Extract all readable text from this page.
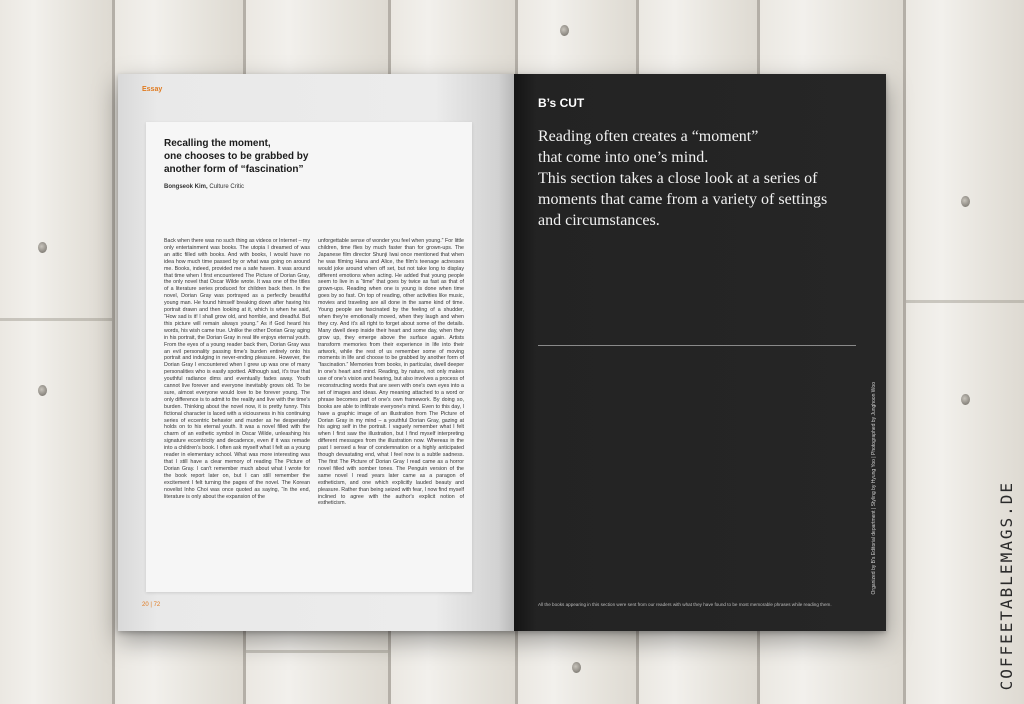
COFFEETABLEMAGS.DE
Essay
Recalling the moment,
one chooses to be grabbed by
another form of “fascination”
Bongseok Kim, Culture Critic
Back when there was no such thing as videos or Internet – my only entertainment was books. The utopia I dreamed of was an attic filled with books. And with books, I would have no idea how much time passed by or what was going on around me. Books, indeed, provided me a safe haven. It was around that time when I first encountered The Picture of Dorian Gray, the only novel that Oscar Wilde wrote. It was one of the titles of a literature series produced for children back then. In the novel, Dorian Gray was portrayed as a perfectly beautiful young man. He found himself breaking down after having his portrait drawn and then looking at it, which is when he said, “How sad is it! I shall grow old, and horrible, and dreadful. But this picture will remain always young.” As if God heard his words, his wish came true. Unlike the other Dorian Gray aging in his portrait, the Dorian Gray in real life enjoys eternal youth. From the eyes of a young reader back then, Dorian Gray was an evil personality passing time's burden entirely onto his portrait and indulging in never-ending pleasure. However, the Dorian Gray I encountered when I grew up was one of many personalities who is easily spotted. Although sad, it's true that youthful radiance dims and eventually fades away. Youth cannot live forever and everyone inevitably grows old. To be sure, almost everyone would love to be forever young. The only difference is to admit to the reality and live with the time's burden. Thinking about the novel now, it is pretty funny. This fictional character is laced with a viciousness in his continuing series of eccentric behavior and murder as he desperately holds on to his eternal youth. It was a novel filled with the charm of an esthetic symbol in Oscar Wilde, unleashing his signature eccentricity and decadence, even if it was remade into a children's book. I often ask myself what I felt as a young reader in elementary school. What was more interesting was that I still have a clear memory of reading The Picture of Dorian Gray. I can't remember much about what I wrote for the book report later on, but I can still remember the excitement I felt turning the pages of the novel. The Korean novelist Inho Choi was once quoted as saying, “In the end, literature is only about the expansion of the
unforgettable sense of wonder you feel when young.” For little children, time flies by much faster than for grown-ups. The Japanese film director Shunji Iwai once mentioned that when he was filming Hana and Alice, the film's teenage actresses would joke around when off set, but not take long to display different emotions when acting. He added that young people seem to live in a “time” that goes by twice as fast as that of grown-ups. Reading when one is young is done when time goes by so fast. On top of reading, other activities like music, movies and traveling are all done in the same kind of time. Young people are fascinated by the feeling of a shudder, when they're emotionally moved, when they laugh and when they cry. And it's all right to forget about some of the details. Many dwell deep inside their heart and some day, when they grow up, they emerge above the surface again. Artists transform memories from their experience in life into their artwork, while the rest of us remember some of moving moments in life and choose to be grabbed by another form of “fascination.” Memories from books, in particular, dwell deeper in one's heart and mind. Reading, by nature, not only makes use of one's vision and hearing, but also involves a process of reconstructing words that are seen with one's own eyes into a set of images and ideas. Any meaning attached to a word or phrase becomes part of one's own framework. By doing so, books are able to infiltrate everyone's mind. Even to this day, I have a graphic image of an illustration from The Picture of Dorian Gray in my mind – a youthful Dorian Gray, gazing at his aging self in the portrait. I vaguely remember what I felt when I first saw the illustration, but I find myself interpreting different messages from the illustration now. Whereas in the past I sensed a fear of condemnation or a highly anticipated though devastating end, what I feel now is a subtle sadness. The first The Picture of Dorian Gray I read came as a horror novel filled with somber tones. The Penguin version of the same novel I read years later came as a paragon of estheticism, and one which explicitly lauded beauty and pleasure. Rather than being seized with fear, I now find myself inclined to agree with the author's explicit notion of estheticism.
20 | 72
B’s CUT
Reading often creates a “moment”
that come into one’s mind.
This section takes a close look at a series of
moments that came from a variety of settings
and circumstances.
Organized by B's Editorial department | Styling by Hyung Yoo | Photographed by Junghoon Woo
All the books appearing in this section were sent from our readers with what they have found to be most memorable phrases while reading them.
